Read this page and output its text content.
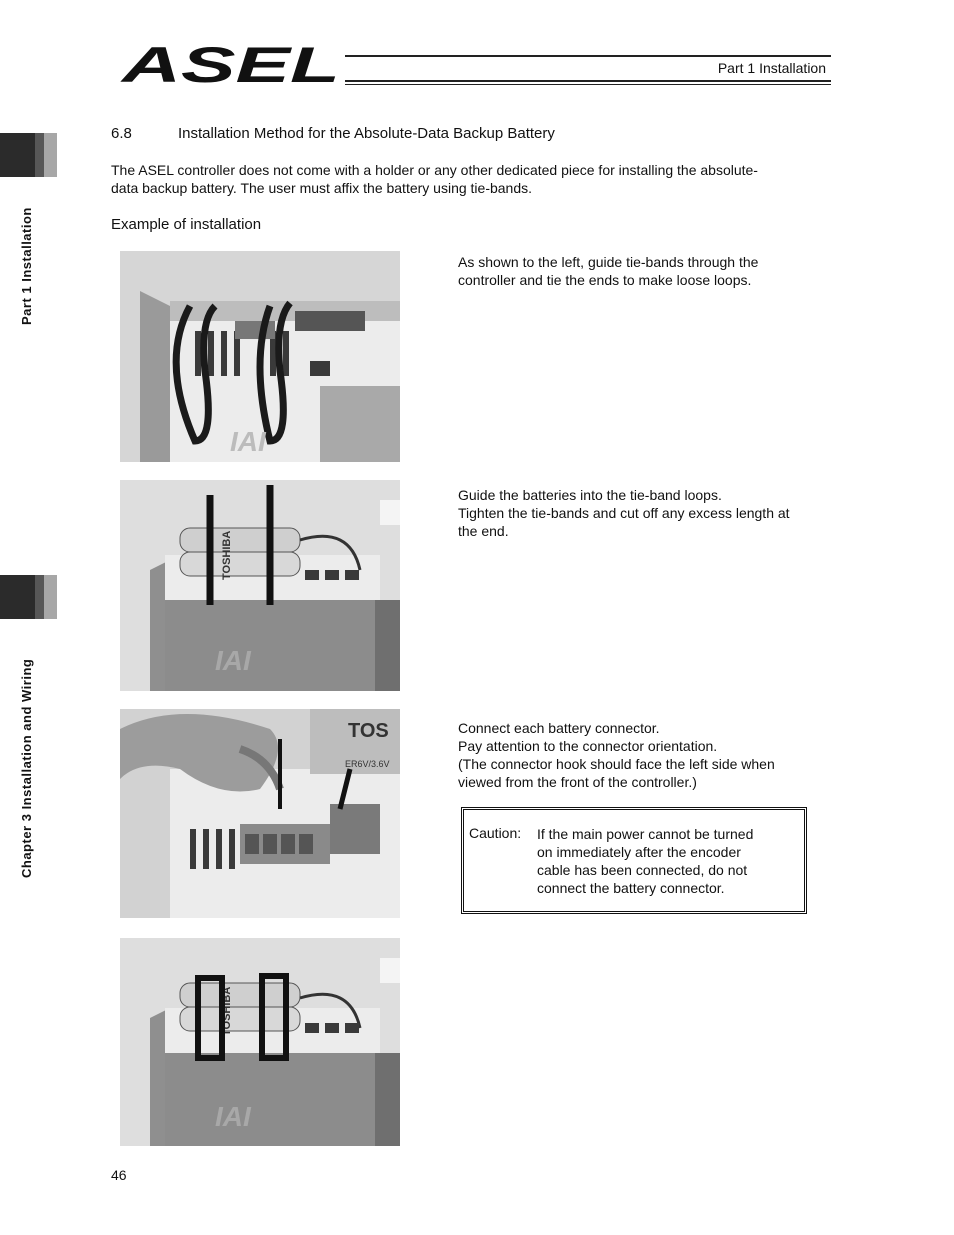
ASEL	Part 1 Installation
Part 1 Installation
Chapter 3 Installation and Wiring
6.8	Installation Method for the Absolute-Data Backup Battery
The ASEL controller does not come with a holder or any other dedicated piece for installing the absolute-
data backup battery. The user must affix the battery using tie-bands.
Example of installation
IAI
As shown to the left, guide tie-bands through the
controller and tie the ends to make loose loops.
TOSHIBA
IAI
Guide the batteries into the tie-band loops.
Tighten the tie-bands and cut off any excess length at
the end.
TOS
ER6V/3.6V
Connect each battery connector.
Pay attention to the connector orientation.
(The connector hook should face the left side when
viewed from the front of the controller.)
Caution: If the main power cannot be turned
on immediately after the encoder
cable has been connected, do not
connect the battery connector.
TOSHIBA
IAI
46
